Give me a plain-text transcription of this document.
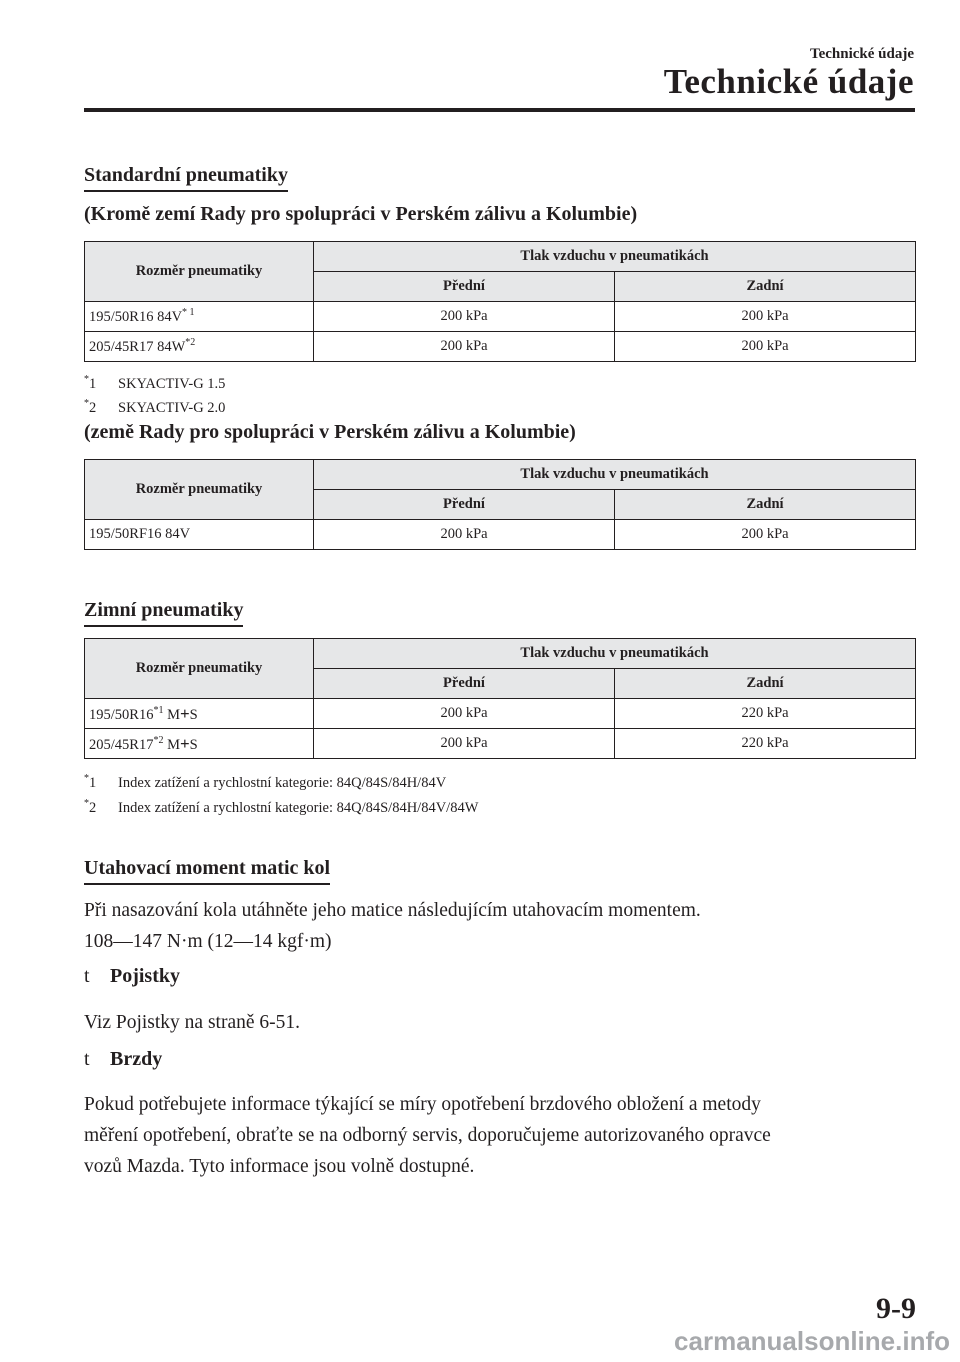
Technické údaje
Technické údaje
Standardní pneumatiky
(Kromě zemí Rady pro spolupráci v Perském zálivu a Kolumbie)
Rozměr pneumatiky	Tlak vzduchu v pneumatikách	
	Přední	Zadní
195/50R16 $84V^{* 1}$	200 kPa	200 kPa
205/45R17 $84W^{*2}$	200 kPa	200 kPa
*1 SKYACTIV-G 1.5
*2 SKYACTIV-G 2.0
(země Rady pro spolupráci v Perském zálivu a Kolumbie)
Rozměr pneumatiky	Tlak vzduchu v pneumatikách	
	Přední	Zadní
195/50RF16 84V	200 kPa	200 kPa
Zimní pneumatiky
Rozměr pneumatiky	Tlak vzduchu v pneumatikách	
	Přední	Zadní
195/50R16$^{*1}$ M+S	200 kPa	220 kPa
205/45R17$^{*2}$ M+S	200 kPa	220 kPa
*1 Index zatížení a rychlostní kategorie: 84Q/84S/84H/84V
*2 Index zatížení a rychlostní kategorie: 84Q/84S/84H/84V/84W
Utahovací moment matic kol
Při nasazování kola utáhněte jeho matice následujícím utahovacím momentem.
108―147 N·m (12―14 kgf·m)
t Pojistky
Viz Pojistky na straně 6-51.
t Brzdy
Pokud potřebujete informace týkající se míry opotřebení brzdového obložení a metody
měření opotřebení, obraťte se na odborný servis, doporučujeme autorizovaného opravce
vozů Mazda. Tyto informace jsou volně dostupné.
9-9
carmanualsonline.info
